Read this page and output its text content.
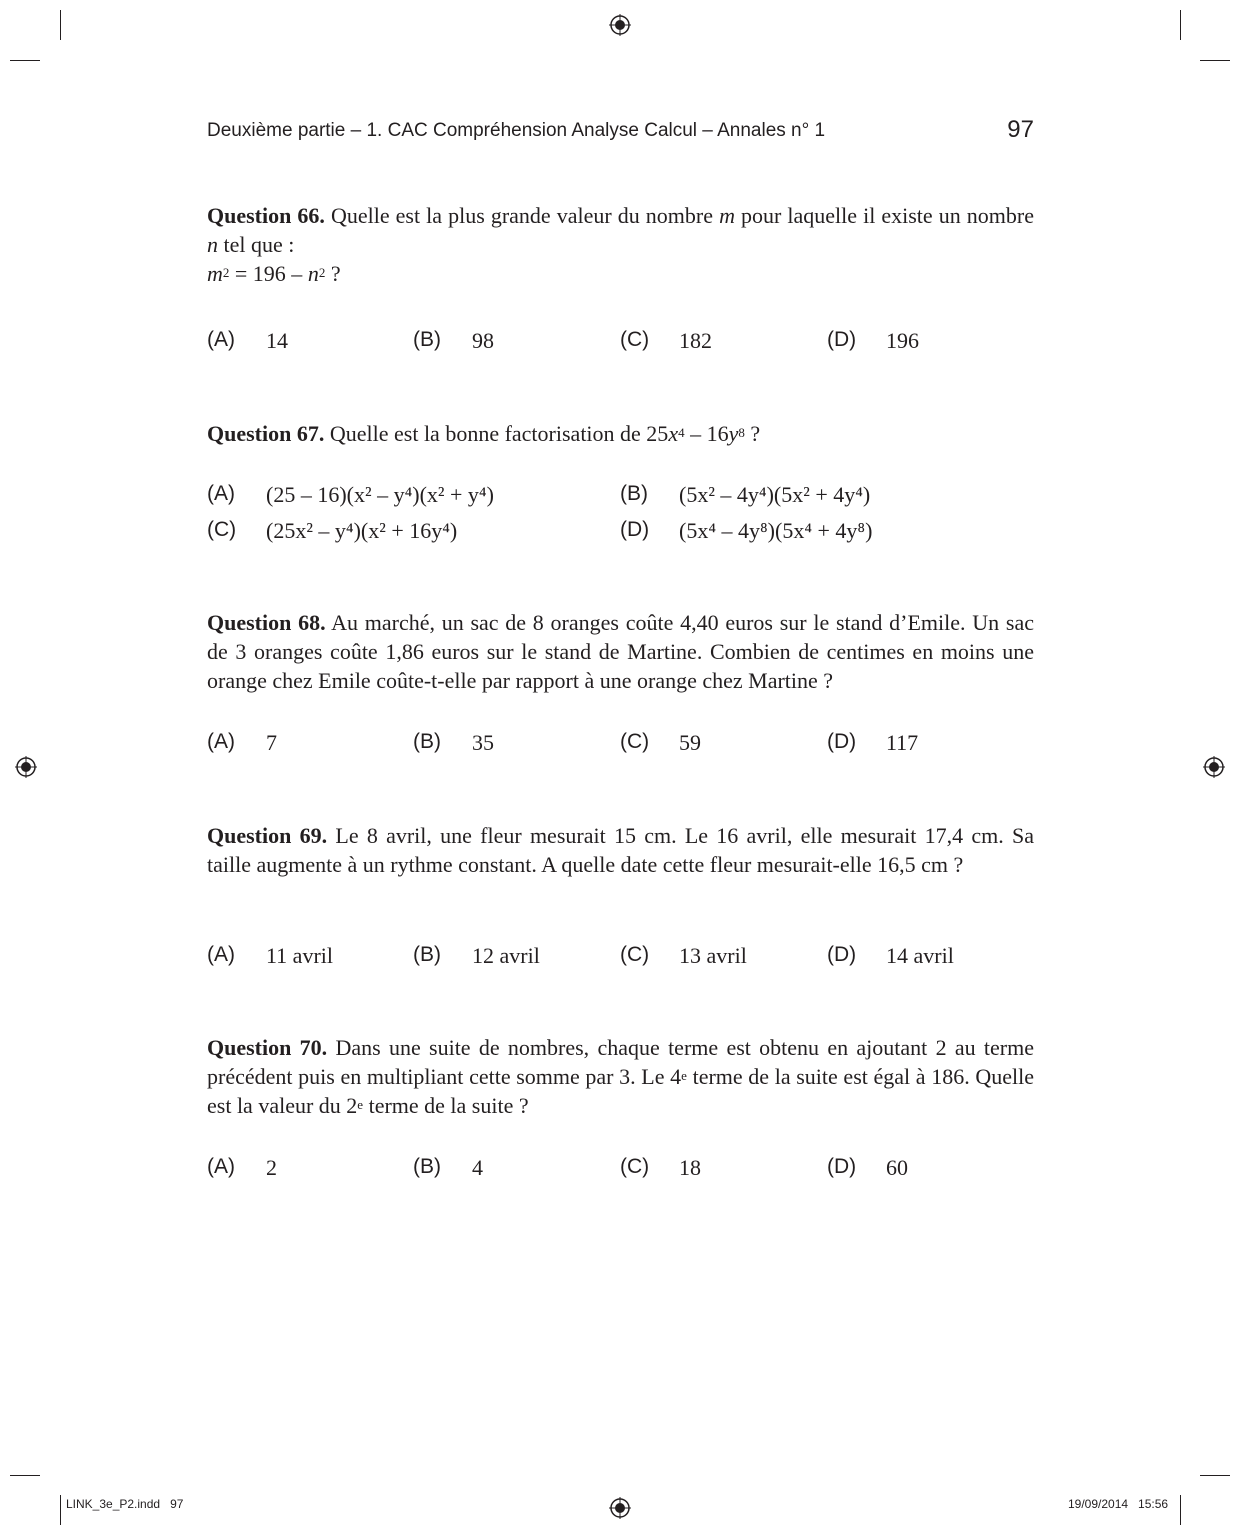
Deuxième partie – 1. CAC Compréhension Analyse Calcul – Annales n° 1	97
Question 66. Quelle est la plus grande valeur du nombre m pour laquelle il existe un nombre n tel que :
$m^2 = 196 - n^2$ ?
(A) 14	(B) 98	(C) 182	(D) 196
Question 67. Quelle est la bonne factorisation de $25x^4 - 16y^8$ ?
(A) (25 – 16)(x² – y⁴)(x² + y⁴)	(B) (5x² – 4y⁴)(5x² + 4y⁴)
(C) (25x² – y⁴)(x² + 16y⁴)	(D) (5x⁴ – 4y⁸)(5x⁴ + 4y⁸)
Question 68. Au marché, un sac de 8 oranges coûte 4,40 euros sur le stand d’Emile. Un sac de 3 oranges coûte 1,86 euros sur le stand de Martine. Combien de centimes en moins une orange chez Emile coûte-t-elle par rapport à une orange chez Martine ?
(A) 7	(B) 35	(C) 59	(D) 117
Question 69. Le 8 avril, une fleur mesurait 15 cm. Le 16 avril, elle mesurait 17,4 cm. Sa taille augmente à un rythme constant. A quelle date cette fleur mesurait-elle 16,5 cm ?
(A) 11 avril	(B) 12 avril	(C) 13 avril	(D) 14 avril
Question 70. Dans une suite de nombres, chaque terme est obtenu en ajoutant 2 au terme précédent puis en multipliant cette somme par 3. Le 4e terme de la suite est égal à 186. Quelle est la valeur du 2e terme de la suite ?
(A) 2	(B) 4	(C) 18	(D) 60
LINK_3e_P2.indd   97	19/09/2014   15:56
